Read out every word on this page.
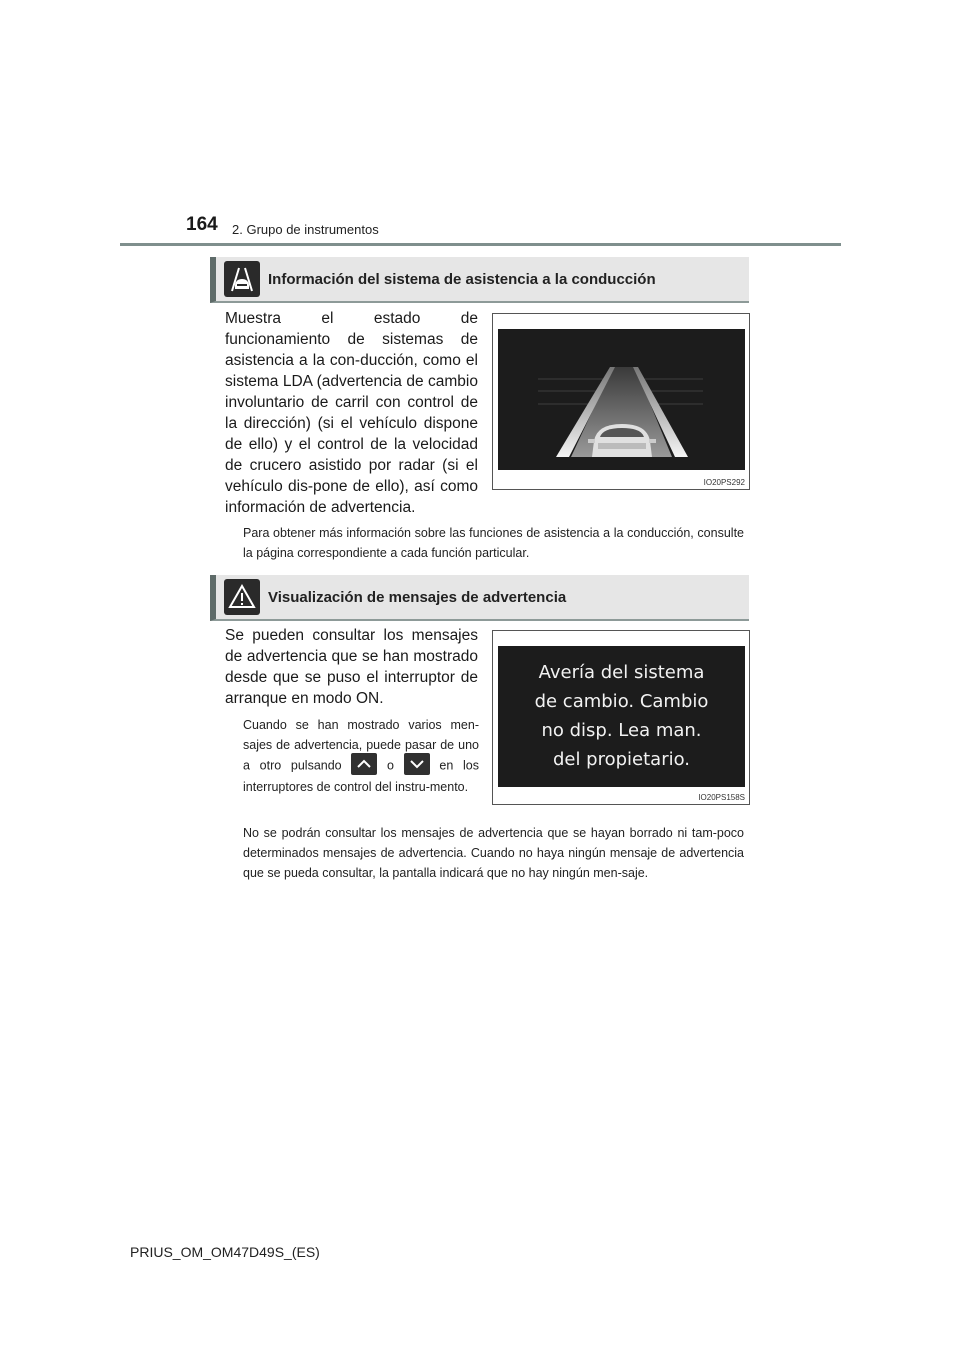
164 2. Grupo de instrumentos
Información del sistema de asistencia a la conducción
Muestra el estado de funcionamiento de sistemas de asistencia a la con-ducción, como el sistema LDA (advertencia de cambio involuntario de carril con control de la dirección) (si el vehículo dispone de ello) y el control de la velocidad de crucero asistido por radar (si el vehículo dis-pone de ello), así como información de advertencia.
IO20PS292
Para obtener más información sobre las funciones de asistencia a la conducción, consulte la página correspondiente a cada función particular.
Visualización de mensajes de advertencia
Se pueden consultar los mensajes de advertencia que se han mostrado desde que se puso el interruptor de arranque en modo ON.
Cuando se han mostrado varios men-sajes de advertencia, puede pasar de uno a otro pulsando	o	en los interruptores de control del instru-mento.
Avería del sistema
de cambio. Cambio
no disp. Lea man.
del propietario.
IO20PS158S
No se podrán consultar los mensajes de advertencia que se hayan borrado ni tam-poco determinados mensajes de advertencia. Cuando no haya ningún mensaje de advertencia que se pueda consultar, la pantalla indicará que no hay ningún men-saje.
PRIUS_OM_OM47D49S_(ES)
